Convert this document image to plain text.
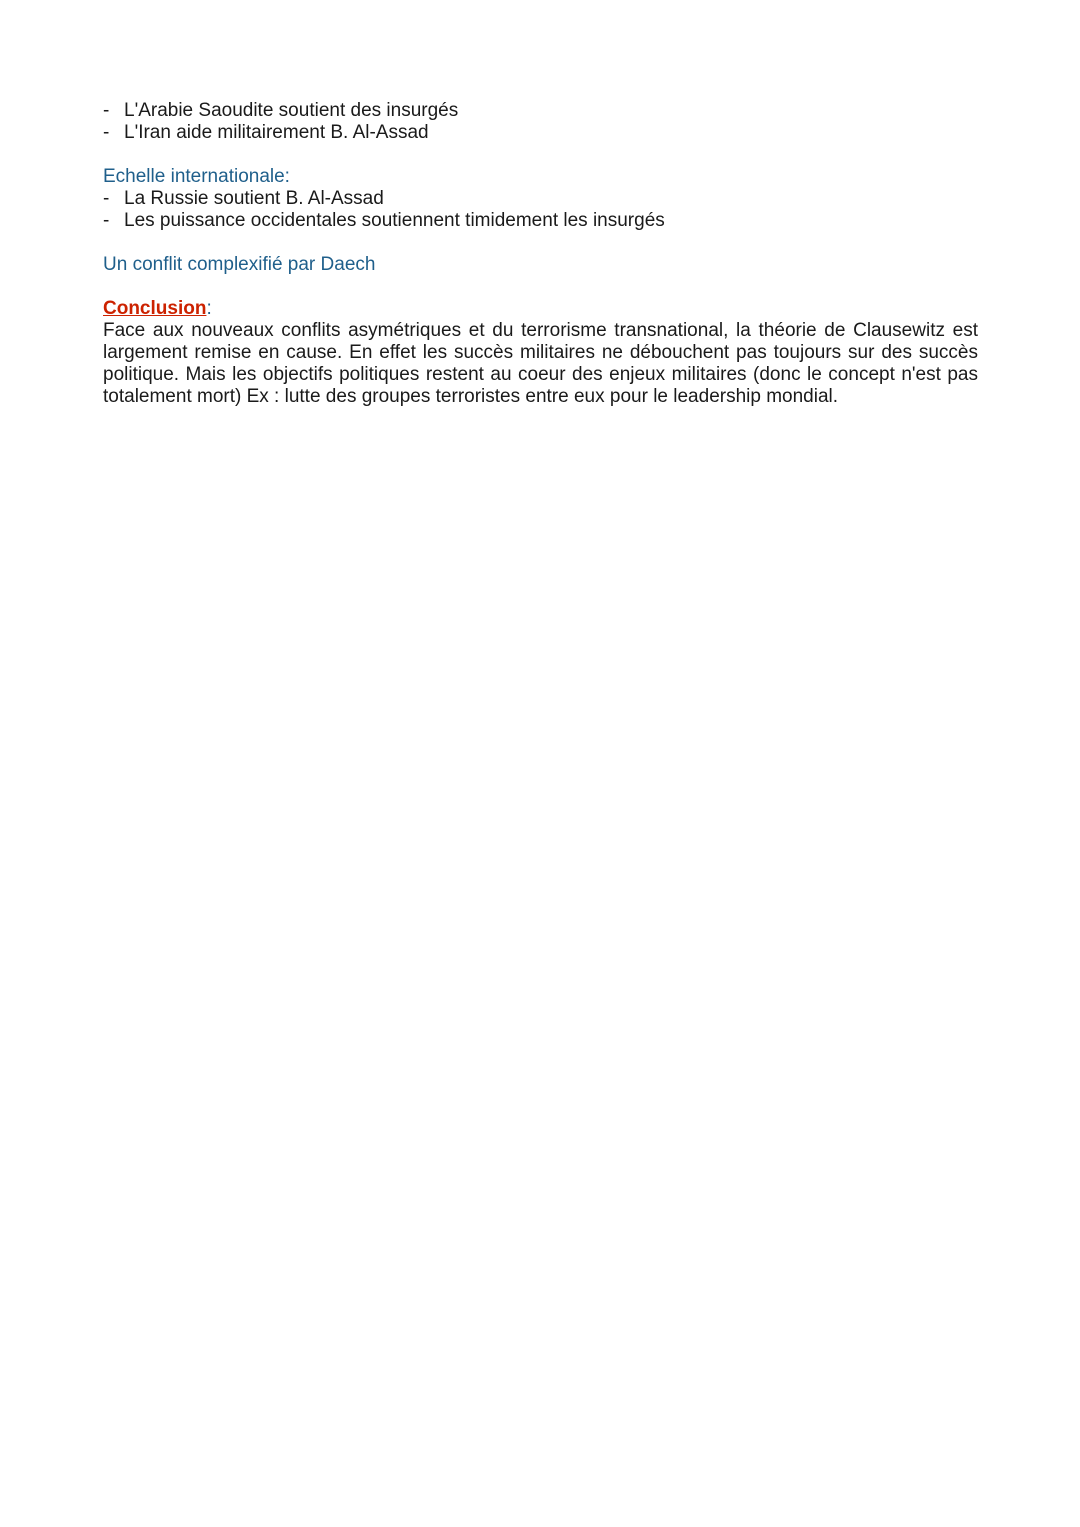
- L'Arabie Saoudite soutient des insurgés
- L'Iran aide militairement B. Al-Assad

Echelle internationale:

- La Russie soutient B. Al-Assad
- Les puissance occidentales soutiennent timidement les insurgés

Un conflit complexifié par Daech

Conclusion:

Face aux nouveaux conflits asymétriques et du terrorisme transnational, la théorie de Clausewitz est largement remise en cause. En effet les succès militaires ne débouchent pas toujours sur des succès politique. Mais les objectifs politiques restent au coeur des enjeux militaires (donc le concept n'est pas totalement mort) Ex : lutte des groupes terroristes entre eux pour le leadership mondial.
